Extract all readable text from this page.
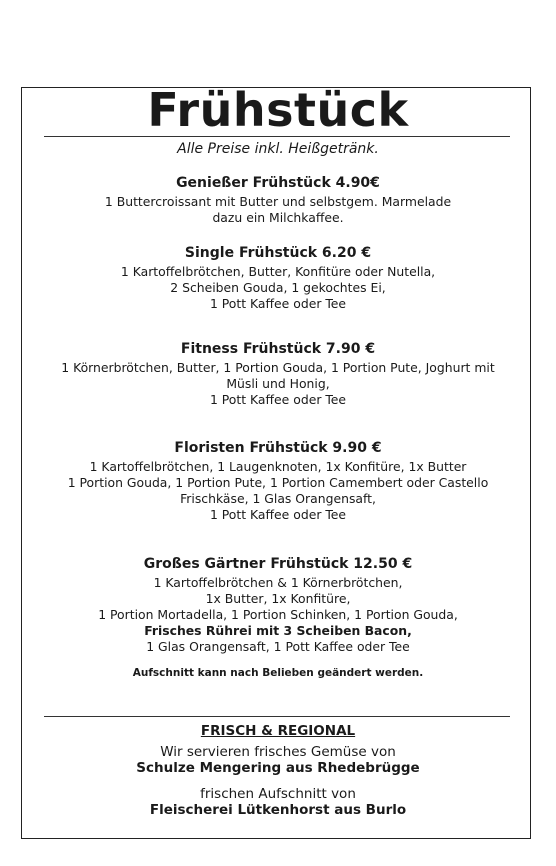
Frühstück
Alle Preise inkl. Heißgetränk.
Genießer Frühstück 4.90€
1 Buttercroissant mit Butter und selbstgem. Marmelade
dazu ein Milchkaffee.
Single Frühstück 6.20 €
1 Kartoffelbrötchen, Butter, Konfitüre oder Nutella,
2 Scheiben Gouda, 1 gekochtes Ei,
1 Pott Kaffee oder Tee
Fitness Frühstück 7.90 €
1 Körnerbrötchen, Butter, 1 Portion Gouda, 1 Portion Pute, Joghurt mit
Müsli und Honig,
1 Pott Kaffee oder Tee
Floristen Frühstück 9.90 €
1 Kartoffelbrötchen, 1 Laugenknoten, 1x Konfitüre, 1x Butter
1 Portion Gouda, 1 Portion Pute, 1 Portion Camembert oder Castello
Frischkäse, 1 Glas Orangensaft,
1 Pott Kaffee oder Tee
Großes Gärtner Frühstück 12.50 €
1 Kartoffelbrötchen & 1 Körnerbrötchen,
1x Butter, 1x Konfitüre,
1 Portion Mortadella, 1 Portion Schinken, 1 Portion Gouda,
Frisches Rührei mit 3 Scheiben Bacon,
1 Glas Orangensaft, 1 Pott Kaffee oder Tee
Aufschnitt kann nach Belieben geändert werden.
FRISCH & REGIONAL
Wir servieren frisches Gemüse von
Schulze Mengering aus Rhedebrügge
frischen Aufschnitt von
Fleischerei Lütkenhorst aus Burlo
